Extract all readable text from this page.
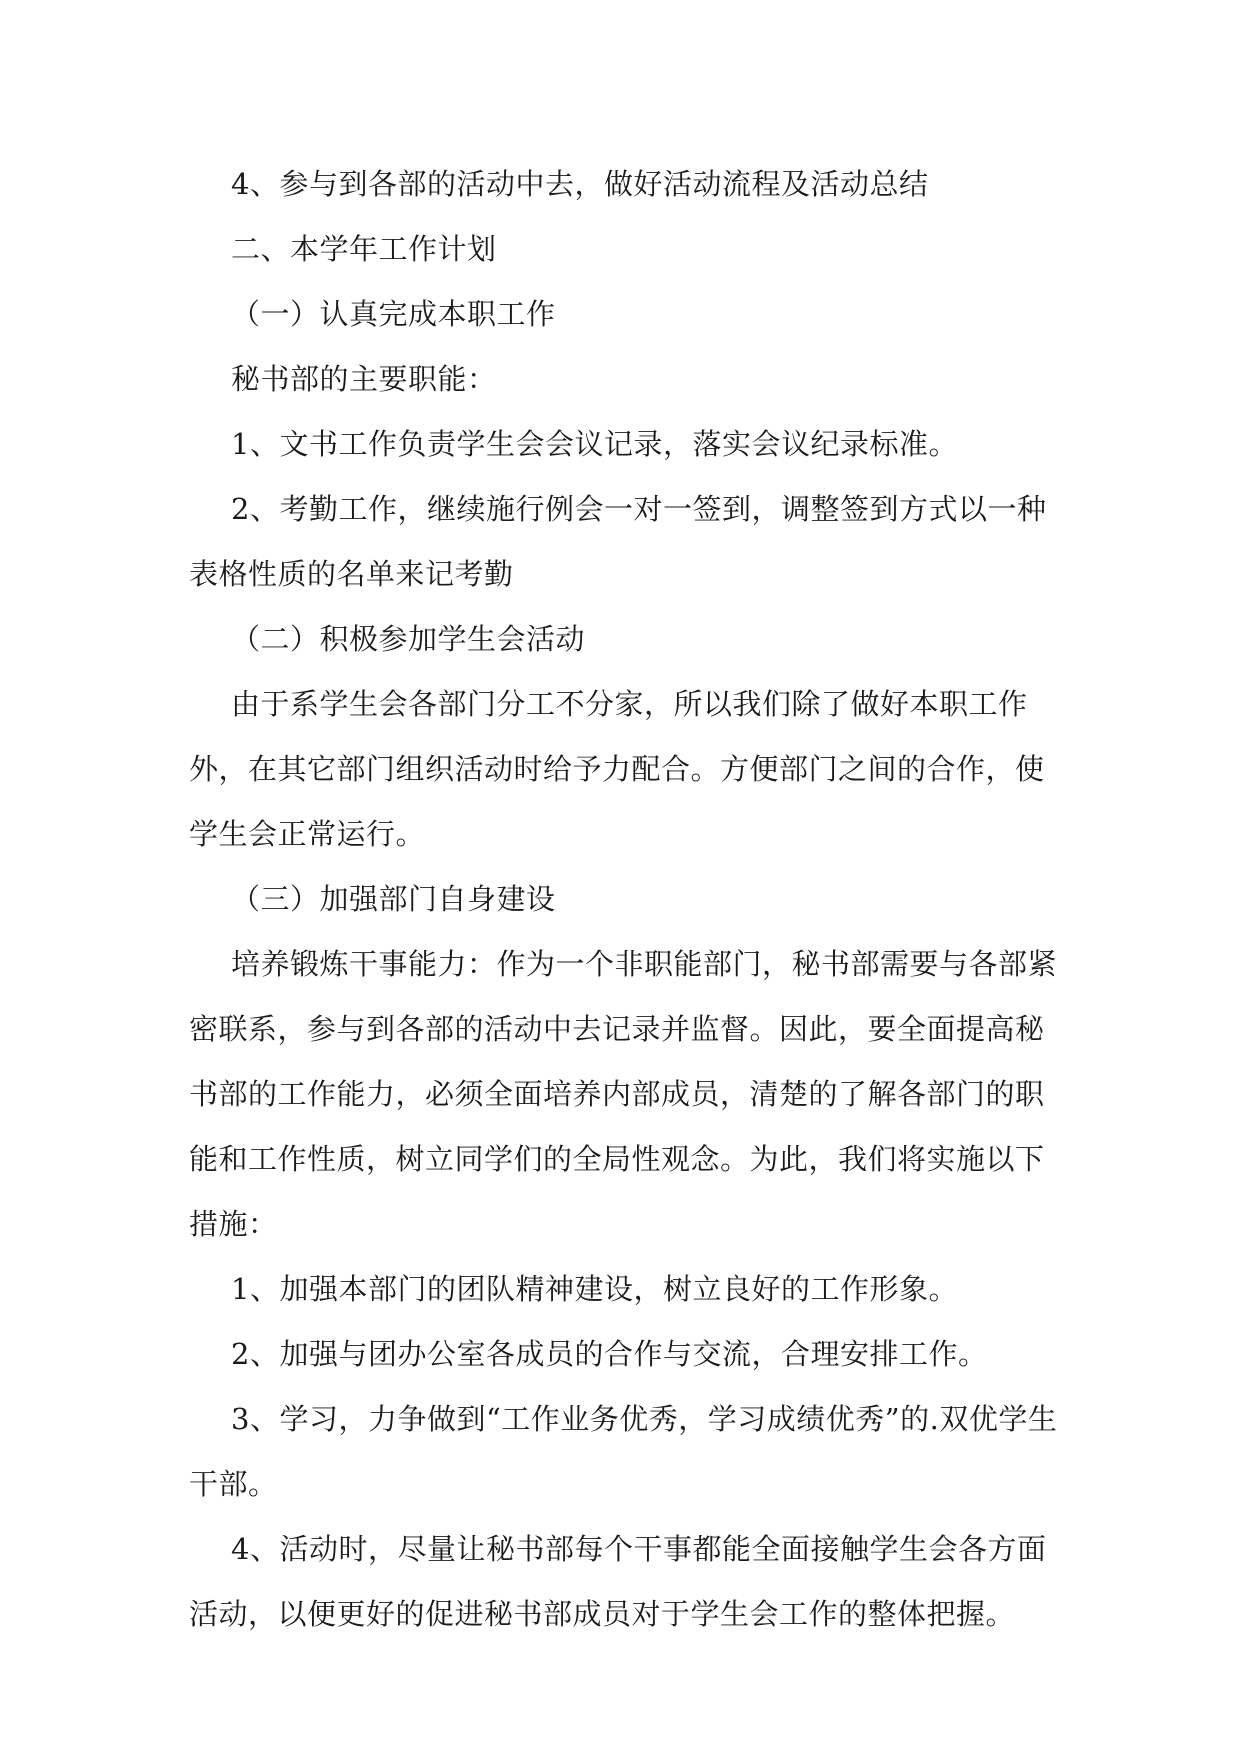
4、参与到各部的活动中去，做好活动流程及活动总结

二、本学年工作计划

（一）认真完成本职工作

秘书部的主要职能：

1、文书工作负责学生会会议记录，落实会议纪录标准。

2、考勤工作，继续施行例会一对一签到，调整签到方式以一种表格性质的名单来记考勤

（二）积极参加学生会活动

由于系学生会各部门分工不分家，所以我们除了做好本职工作外，在其它部门组织活动时给予力配合。方便部门之间的合作，使学生会正常运行。

（三）加强部门自身建设

培养锻炼干事能力：作为一个非职能部门，秘书部需要与各部紧密联系，参与到各部的活动中去记录并监督。因此，要全面提高秘书部的工作能力，必须全面培养内部成员，清楚的了解各部门的职能和工作性质，树立同学们的全局性观念。为此，我们将实施以下措施：

1、加强本部门的团队精神建设，树立良好的工作形象。

2、加强与团办公室各成员的合作与交流，合理安排工作。

3、学习，力争做到“工作业务优秀，学习成绩优秀”的.双优学生干部。

4、活动时，尽量让秘书部每个干事都能全面接触学生会各方面活动，以便更好的促进秘书部成员对于学生会工作的整体把握。
